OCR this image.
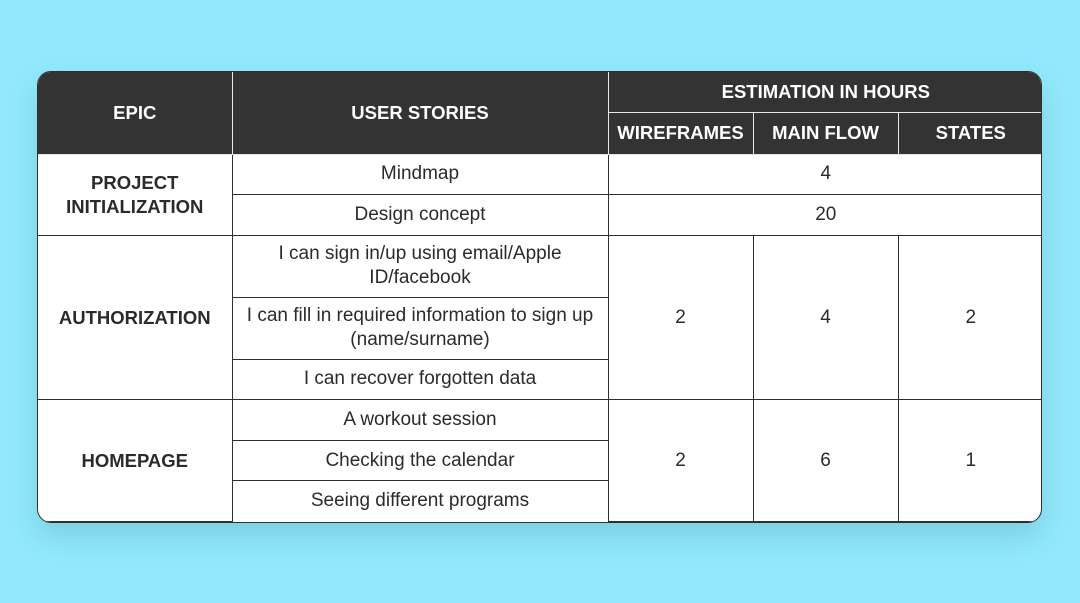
EPIC	USER STORIES	ESTIMATION IN HOURS		
		WIREFRAMES	MAIN FLOW	STATES
PROJECT INITIALIZATION	Mindmap	4		
	Design concept	20		
AUTHORIZATION	I can sign in/up using email/Apple ID/facebook	2	4	2
	I can fill in required information to sign up (name/surname)			
	I can recover forgotten data			
HOMEPAGE	A workout session	2	6	1
	Checking the calendar			
	Seeing different programs			
